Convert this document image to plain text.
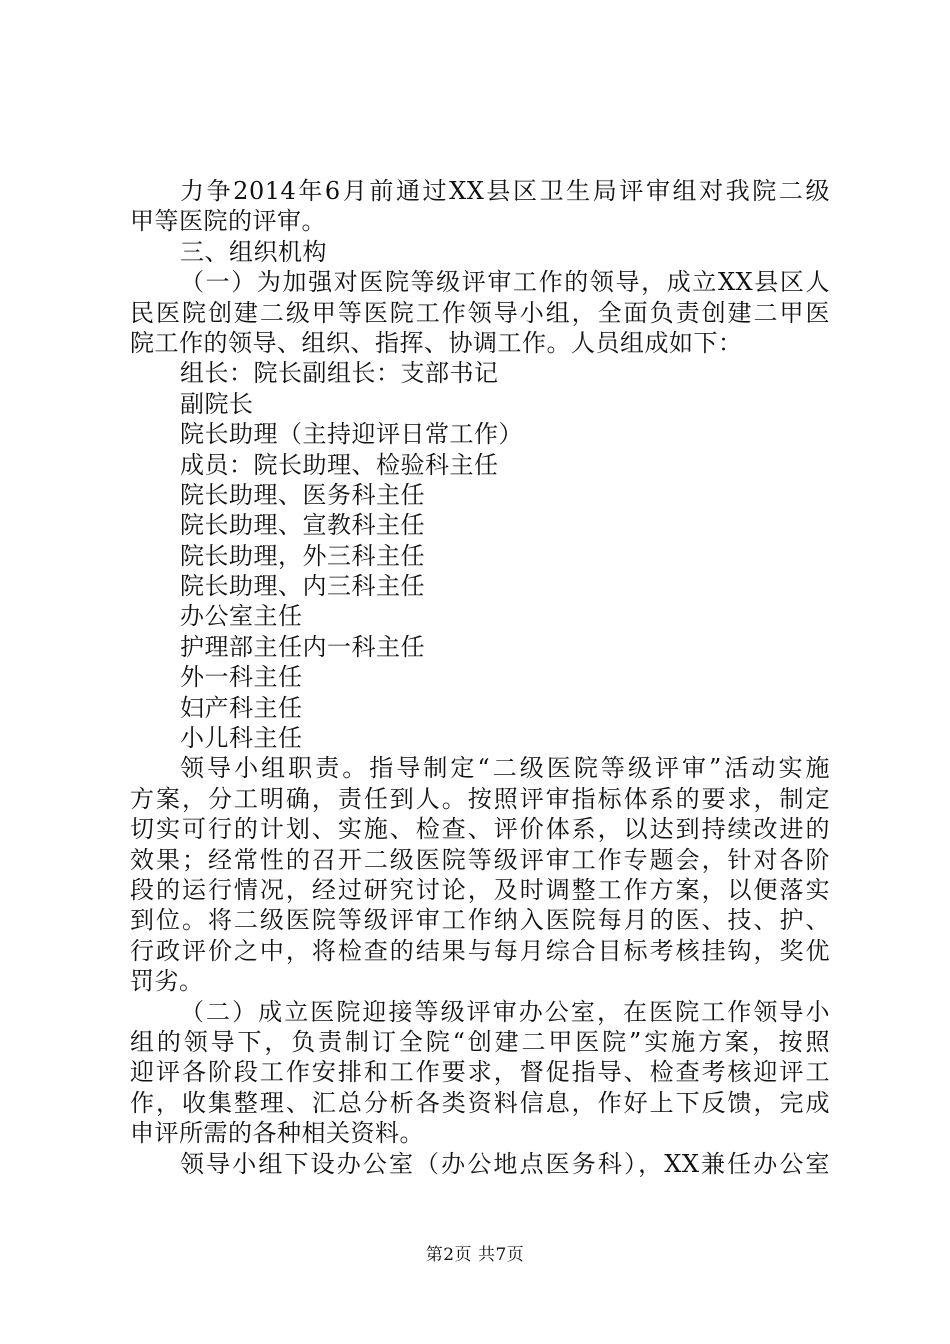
力争2014年6月前通过XX县区卫生局评审组对我院二级
甲等医院的评审。
三、组织机构
（一）为加强对医院等级评审工作的领导，成立XX县区人
民医院创建二级甲等医院工作领导小组，全面负责创建二甲医
院工作的领导、组织、指挥、协调工作。人员组成如下：
组长：院长副组长：支部书记
副院长
院长助理（主持迎评日常工作）
成员：院长助理、检验科主任
院长助理、医务科主任
院长助理、宣教科主任
院长助理，外三科主任
院长助理、内三科主任
办公室主任
护理部主任内一科主任
外一科主任
妇产科主任
小儿科主任
领导小组职责。指导制定“二级医院等级评审”活动实施
方案，分工明确，责任到人。按照评审指标体系的要求，制定
切实可行的计划、实施、检查、评价体系，以达到持续改进的
效果；经常性的召开二级医院等级评审工作专题会，针对各阶
段的运行情况，经过研究讨论，及时调整工作方案，以便落实
到位。将二级医院等级评审工作纳入医院每月的医、技、护、
行政评价之中，将检查的结果与每月综合目标考核挂钩，奖优
罚劣。
（二）成立医院迎接等级评审办公室，在医院工作领导小
组的领导下，负责制订全院“创建二甲医院”实施方案，按照
迎评各阶段工作安排和工作要求，督促指导、检查考核迎评工
作，收集整理、汇总分析各类资料信息，作好上下反馈，完成
申评所需的各种相关资料。
领导小组下设办公室（办公地点医务科），XX兼任办公室
第2页 共7页
